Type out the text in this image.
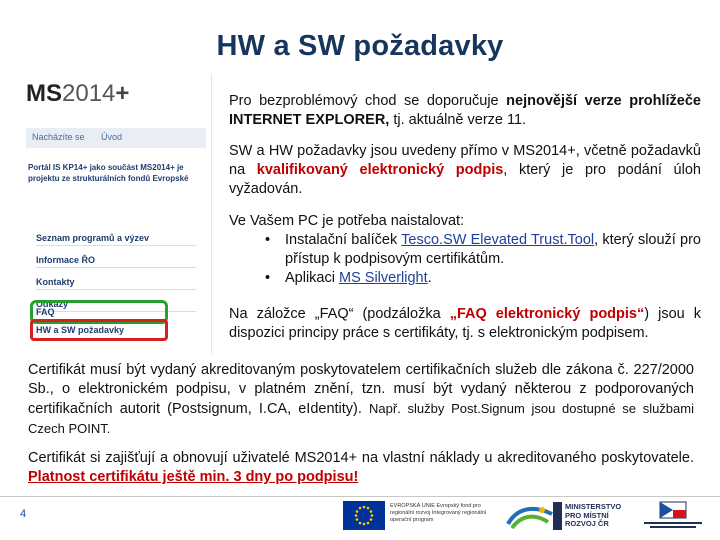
HW a SW požadavky
MS2014+
Nacházíte se Úvod
Portál IS KP14+ jako součást MS2014+ je projektu ze strukturálních fondů Evropské
Seznam programů a výzev
Informace ŘO
Kontakty
Odkazy
FAQ
HW a SW požadavky
Pro bezproblémový chod se doporučuje nejnovější verze prohlížeče INTERNET EXPLORER, tj. aktuálně verze 11.
SW a HW požadavky jsou uvedeny přímo v MS2014+, včetně požadavků na kvalifikovaný elektronický podpis, který je pro podání úloh vyžadován.
Ve Vašem PC je potřeba naistalovat:
• Instalační balíček Tesco.SW Elevated Trust.Tool, který slouží pro přístup k podpisovým certifikátům.
• Aplikaci MS Silverlight.
Na záložce „FAQ“ (podzáložka „FAQ elektronický podpis“) jsou k dispozici principy práce s certifikáty, tj. s elektronickým podpisem.
Certifikát musí být vydaný akreditovaným poskytovatelem certifikačních služeb dle zákona č. 227/2000 Sb., o elektronickém podpisu, v platném znění, tzn. musí být vydaný některou z podporovaných certifikačních autorit (Postsignum, I.CA, eIdentity). Např. služby Post.Signum jsou dostupné se službami Czech POINT.
Certifikát si zajišťují a obnovují uživatelé MS2014+ na vlastní náklady u akreditovaného poskytovatele. Platnost certifikátu ještě min. 3 dny po podpisu!
4
EVROPSKÁ UNIE Evropský fond pro regionální rozvoj Integrovaný regionální operační program
MINISTERSTVO
PRO MÍSTNÍ
ROZVOJ ČR
